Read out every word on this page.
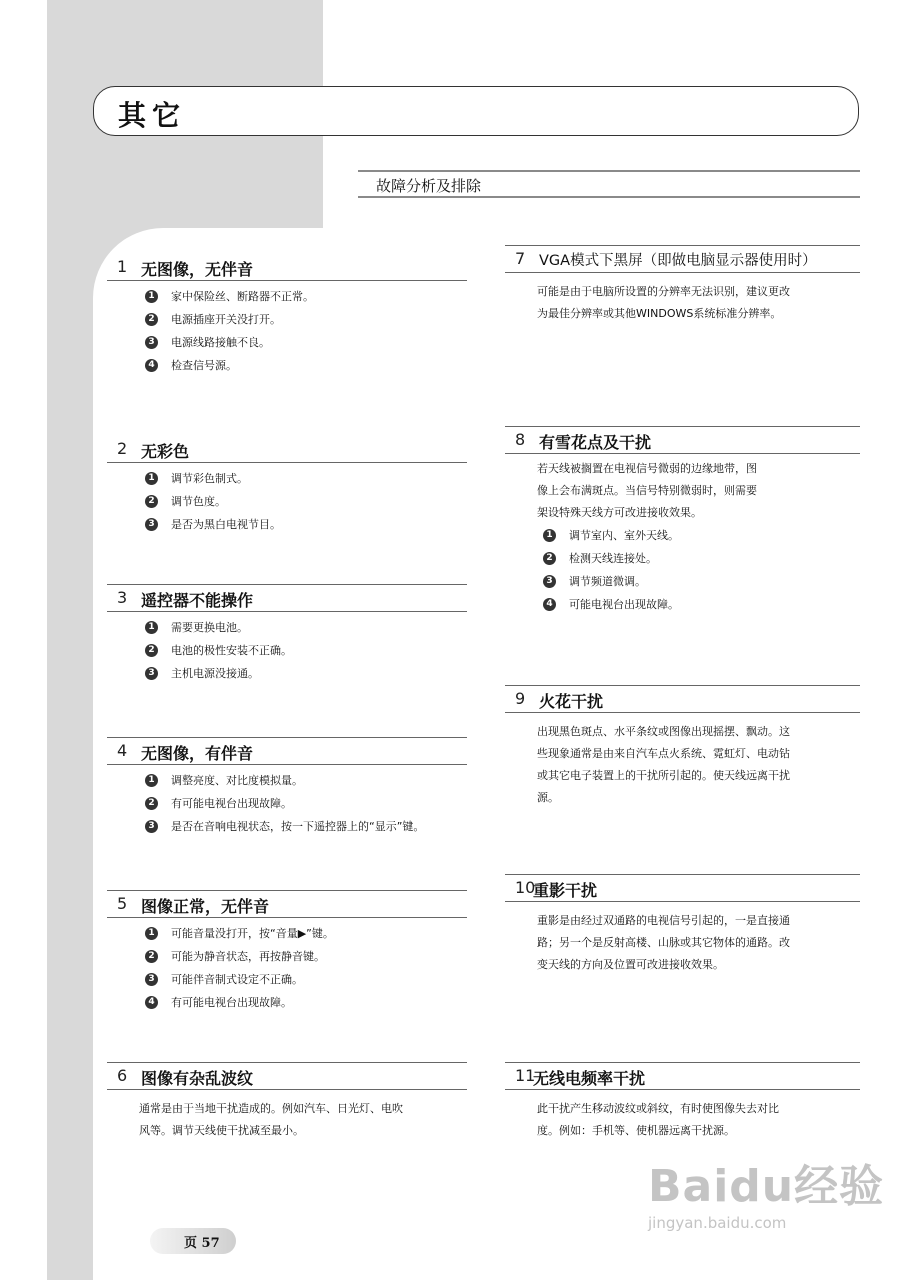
其它
故障分析及排除
1 无图像，无伴音
1	家中保险丝、断路器不正常。
2	电源插座开关没打开。
3	电源线路接触不良。
4	检查信号源。
2 无彩色
1	调节彩色制式。
2	调节色度。
3	是否为黑白电视节目。
3 遥控器不能操作
1	需要更换电池。
2	电池的极性安装不正确。
3	主机电源没接通。
4 无图像，有伴音
1	调整亮度、对比度模拟量。
2	有可能电视台出现故障。
3	是否在音响电视状态，按一下遥控器上的“显示”键。
5 图像正常，无伴音
1	可能音量没打开，按“音量▶”键。
2	可能为静音状态，再按静音键。
3	可能伴音制式设定不正确。
4	有可能电视台出现故障。
6 图像有杂乱波纹
通常是由于当地干扰造成的。例如汽车、日光灯、电吹
风等。调节天线使干扰减至最小。
7 VGA模式下黑屏（即做电脑显示器使用时）
可能是由于电脑所设置的分辨率无法识别，建议更改
为最佳分辨率或其他WINDOWS系统标准分辨率。
8 有雪花点及干扰
若天线被搁置在电视信号微弱的边缘地带，图
像上会布满斑点。当信号特别微弱时，则需要
架设特殊天线方可改进接收效果。
1	调节室内、室外天线。
2	检测天线连接处。
3	调节频道微调。
4	可能电视台出现故障。
9 火花干扰
出现黑色斑点、水平条纹或图像出现摇摆、飘动。这
些现象通常是由来自汽车点火系统、霓虹灯、电动钻
或其它电子装置上的干扰所引起的。使天线远离干扰
源。
10
重影干扰
重影是由经过双通路的电视信号引起的，一是直接通
路；另一个是反射高楼、山脉或其它物体的通路。改
变天线的方向及位置可改进接收效果。
11
无线电频率干扰
此干扰产生移动波纹或斜纹，有时使图像失去对比
度。例如：手机等、使机器远离干扰源。
页 57
Baidu经验
jingyan.baidu.com
